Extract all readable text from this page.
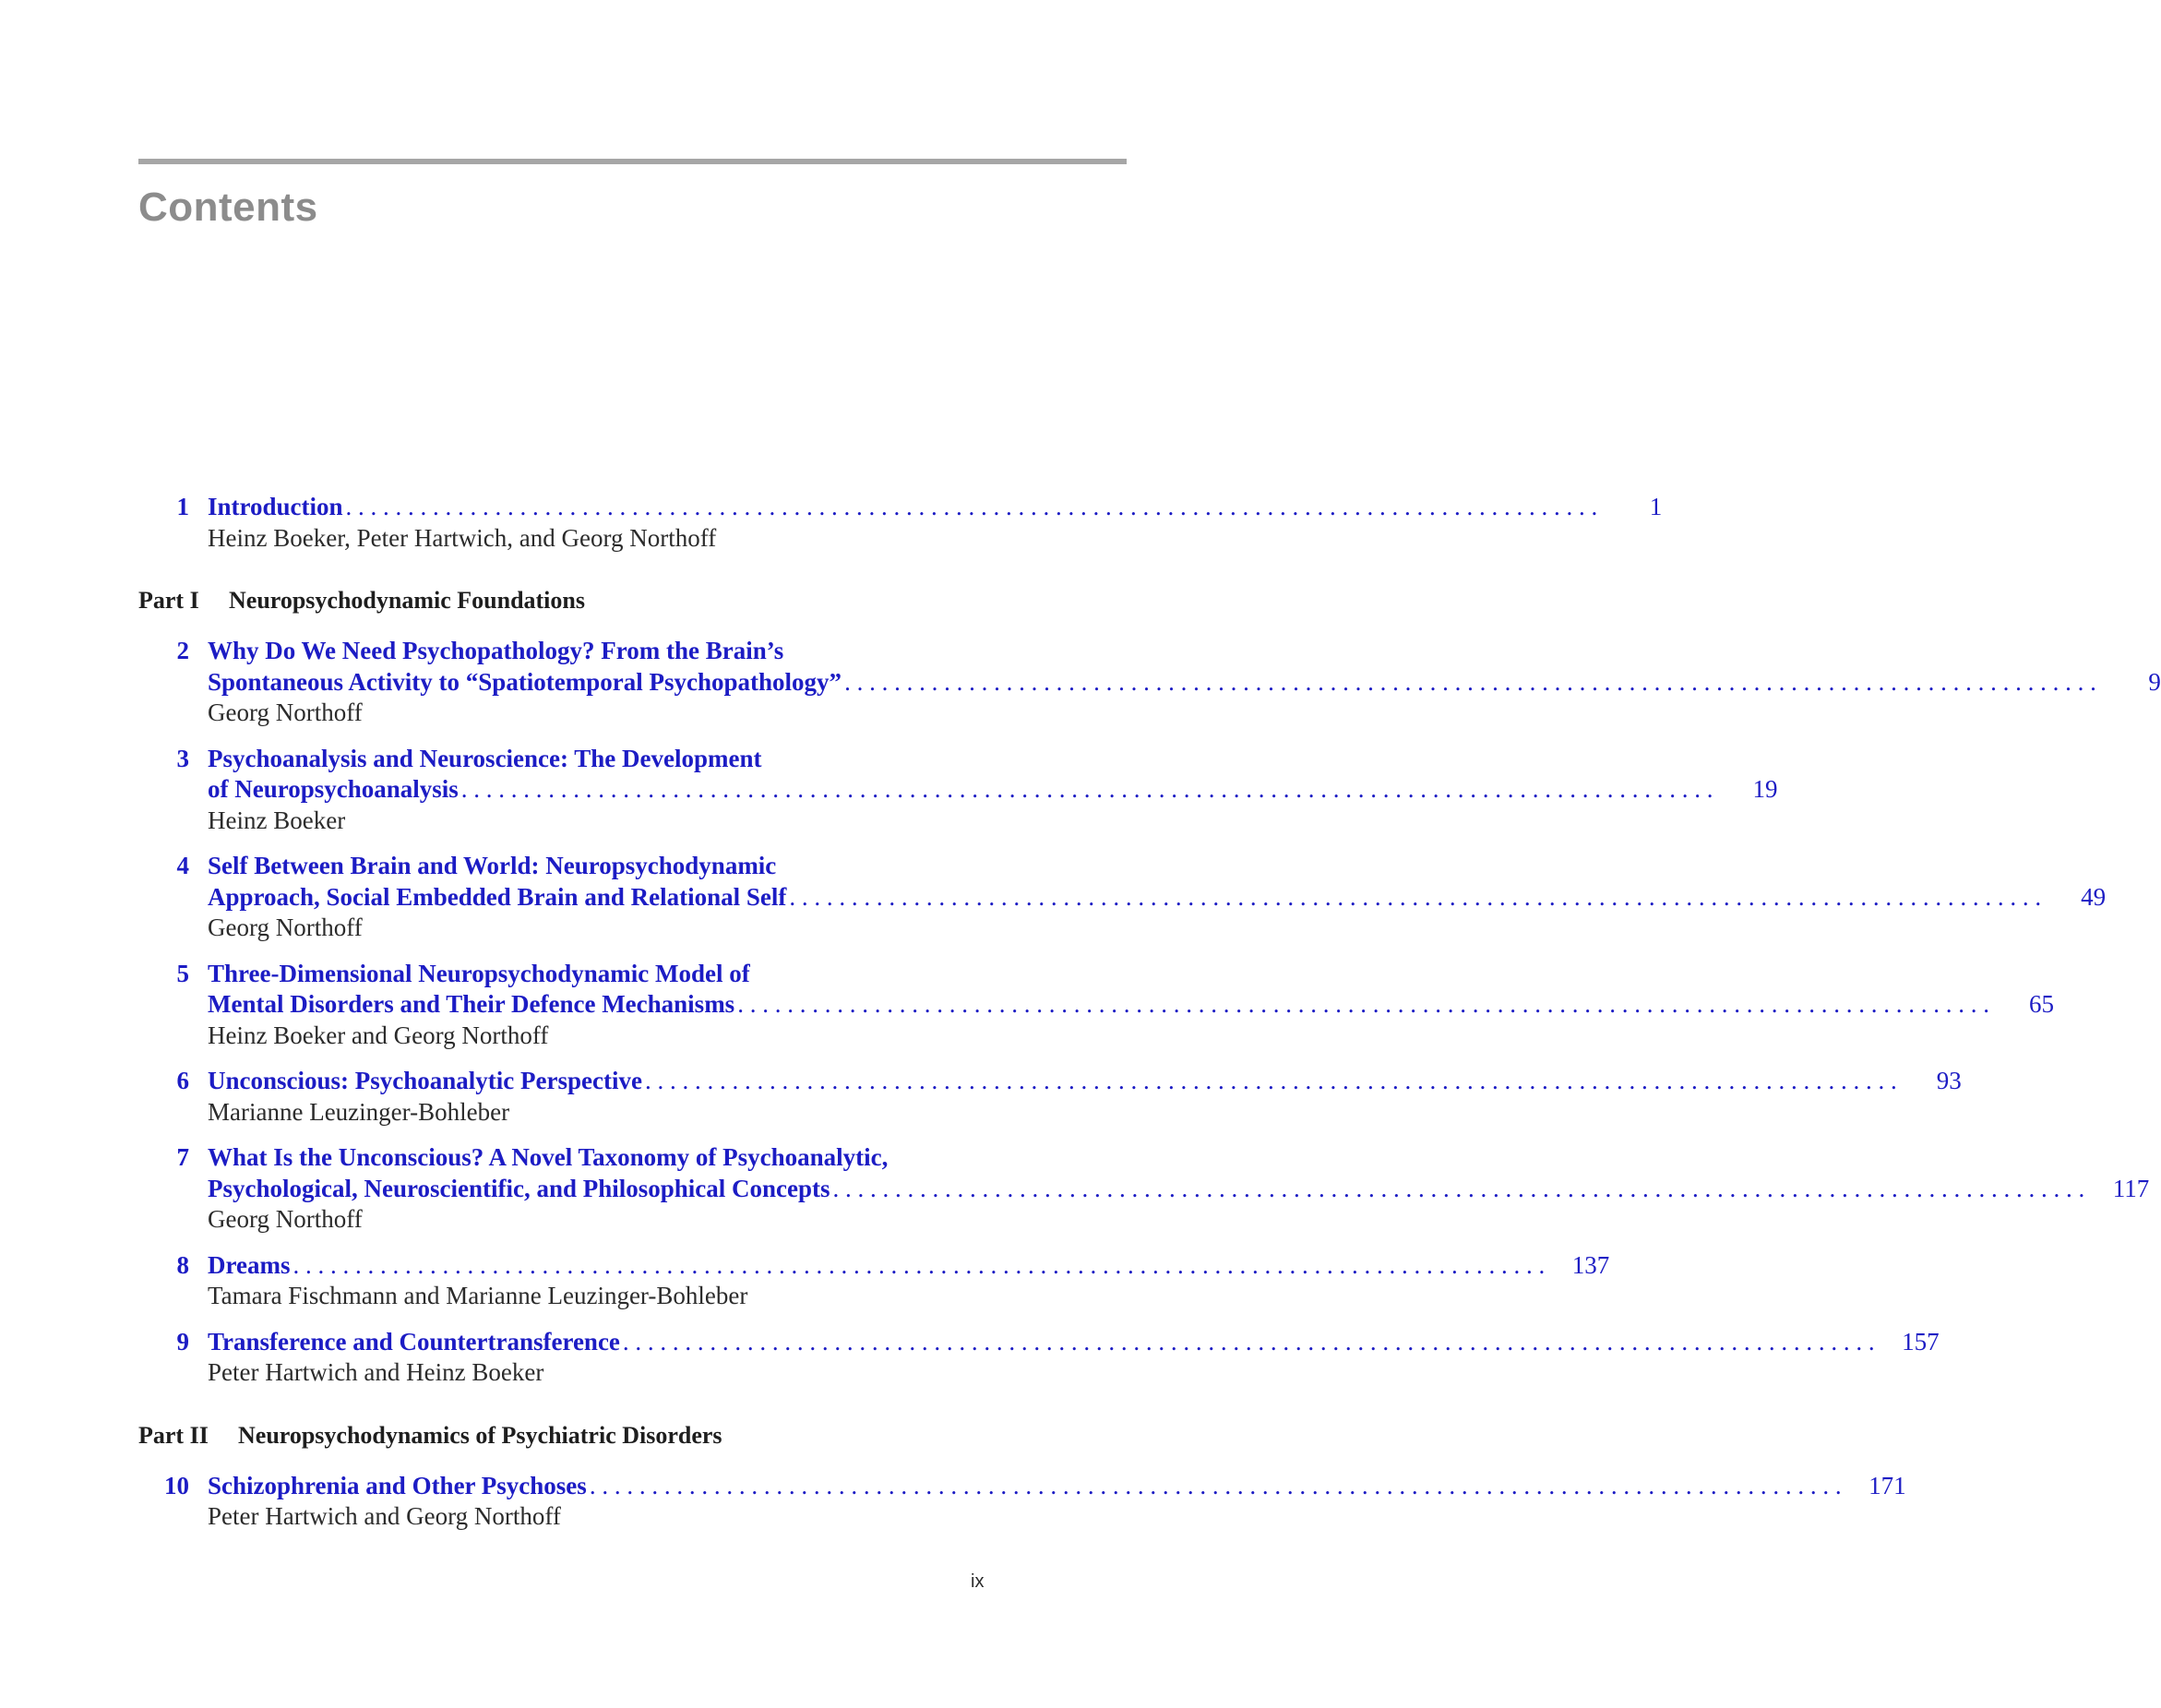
Contents
1 Introduction . . .	1
Heinz Boeker, Peter Hartwich, and Georg Northoff
Part I	Neuropsychodynamic Foundations
2 Why Do We Need Psychopathology? From the Brain’s
Spontaneous Activity to “Spatiotemporal Psychopathology” . . .	9
Georg Northoff
3 Psychoanalysis and Neuroscience: The Development
of Neuropsychoanalysis . . .	19
Heinz Boeker
4 Self Between Brain and World: Neuropsychodynamic
Approach, Social Embedded Brain and Relational Self . . .	49
Georg Northoff
5 Three-Dimensional Neuropsychodynamic Model of
Mental Disorders and Their Defence Mechanisms . . .	65
Heinz Boeker and Georg Northoff
6 Unconscious: Psychoanalytic Perspective . . .	93
Marianne Leuzinger-Bohleber
7 What Is the Unconscious? A Novel Taxonomy of Psychoanalytic,
Psychological, Neuroscientific, and Philosophical Concepts . . .	117
Georg Northoff
8 Dreams . . .	137
Tamara Fischmann and Marianne Leuzinger-Bohleber
9 Transference and Countertransference . . .	157
Peter Hartwich and Heinz Boeker
Part II	Neuropsychodynamics of Psychiatric Disorders
10 Schizophrenia and Other Psychoses . . .	171
Peter Hartwich and Georg Northoff
ix
